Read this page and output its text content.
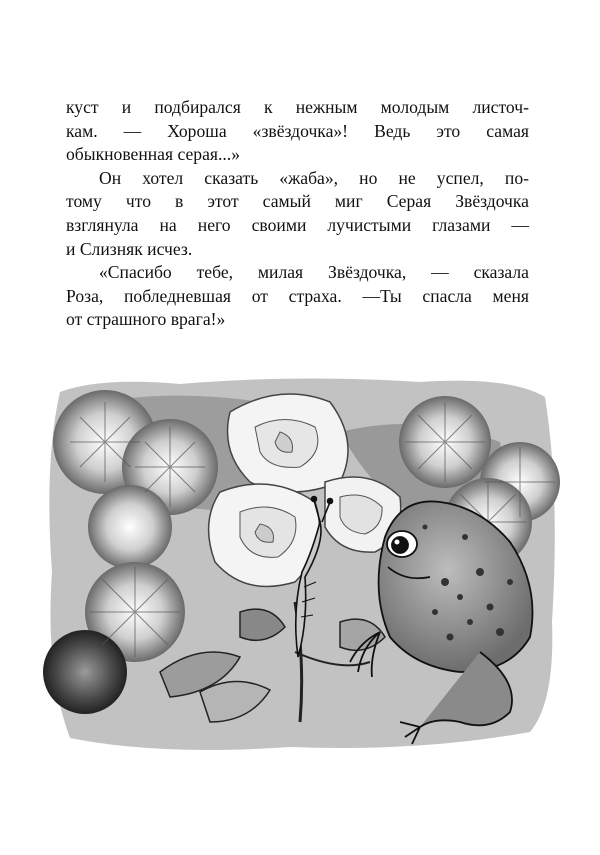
куст и подбирался к нежным молодым листоч-
кам. — Хороша «звёздочка»! Ведь это самая
обыкновенная серая...»
Он хотел сказать «жаба», но не успел, по-
тому что в этот самый миг Серая Звёздочка
взглянула на него своими лучистыми глазами —
и Слизняк исчез.
«Спасибо тебе, милая Звёздочка, — сказала
Роза, побледневшая от страха. —Ты спасла меня
от страшного врага!»
